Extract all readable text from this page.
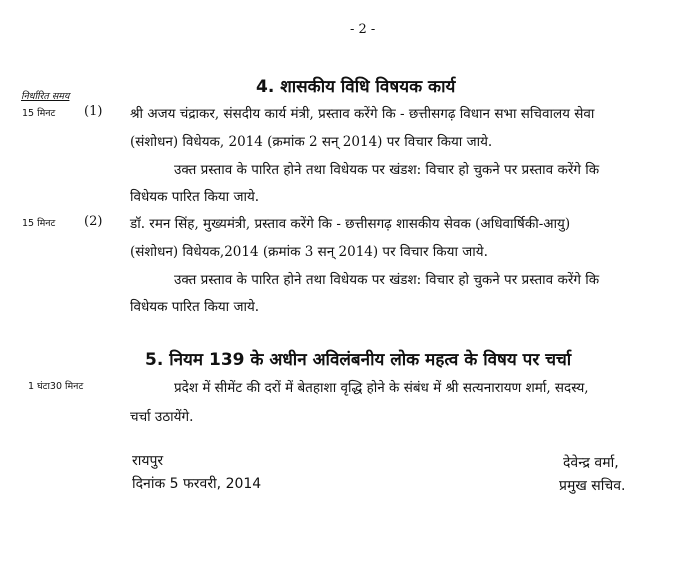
- 2 -
4. शासकीय विधि विषयक कार्य
निर्धारित समय
15 मिनट (1) श्री अजय चंद्राकर, संसदीय कार्य मंत्री, प्रस्ताव करेंगे कि - छत्तीसगढ़ विधान सभा सचिवालय सेवा
(संशोधन) विधेयक, 2014 (क्रमांक 2 सन् 2014) पर विचार किया जाये.
उक्त प्रस्ताव के पारित होने तथा विधेयक पर खंडश: विचार हो चुकने पर प्रस्ताव करेंगे कि
विधेयक पारित किया जाये.
15 मिनट (2) डॉ. रमन सिंह, मुख्यमंत्री, प्रस्ताव करेंगे कि - छत्तीसगढ़ शासकीय सेवक (अधिवार्षिकी-आयु)
(संशोधन) विधेयक,2014 (क्रमांक 3 सन् 2014) पर विचार किया जाये.
उक्त प्रस्ताव के पारित होने तथा विधेयक पर खंडश: विचार हो चुकने पर प्रस्ताव करेंगे कि
विधेयक पारित किया जाये.
5. नियम 139 के अधीन अविलंबनीय लोक महत्व के विषय पर चर्चा
1 घंटा30 मिनट	प्रदेश में सीमेंट की दरों में बेतहाशा वृद्धि होने के संबंध में श्री सत्यनारायण शर्मा, सदस्य,
चर्चा उठायेंगे.
रायपुर
दिनांक 5 फरवरी, 2014
देवेन्द्र वर्मा,
प्रमुख सचिव.
